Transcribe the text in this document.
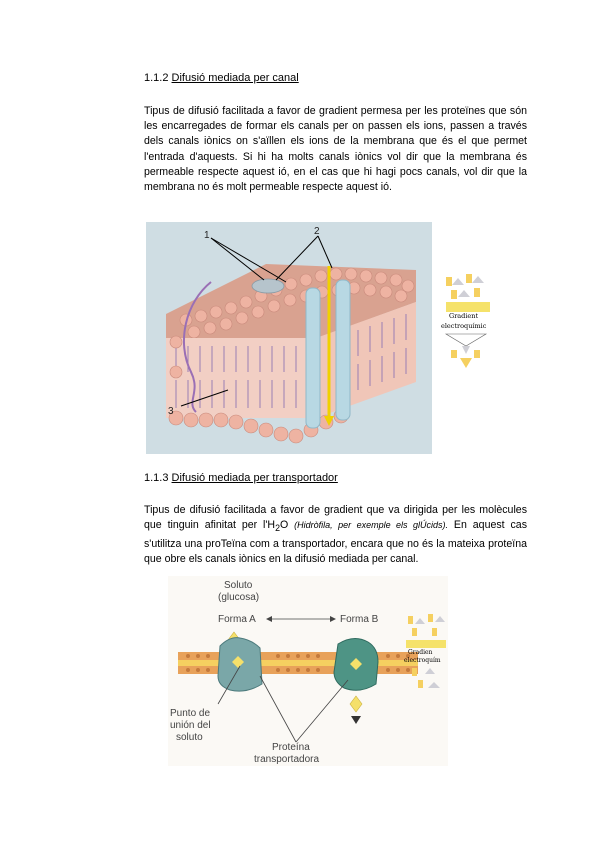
1.1.2 Difusió mediada per canal
Tipus de difusió facilitada a favor de gradient permesa per les proteïnes que són les encarregades de formar els canals per on passen els ions, passen a través dels canals iònics on s'aïllen els ions de la membrana que és el que permet l'entrada d'aquests. Si hi ha molts canals iònics vol dir que la membrana és permeable respecte aquest ió, en el cas que hi hagi pocs canals, vol dir que la membrana no és molt permeable respecte aquest ió.
1	2
3
Gradient
electroquímic
1.1.3 Difusió mediada per transportador
Tipus de difusió facilitada a favor de gradient que va dirigida per les molècules que tinguin afinitat per $l'H_2O$ (Hidròfila, per exemple els glÚcids). En aquest cas s'utilitza una proTeïna com a transportador, encara que no és la mateixa proteïna que obre els canals iònics en la difusió mediada per canal.
Soluto
(glucosa)
Forma A	Forma B
Punto de
unión del
soluto
Proteína
transportadora
Gradien
electroquím
